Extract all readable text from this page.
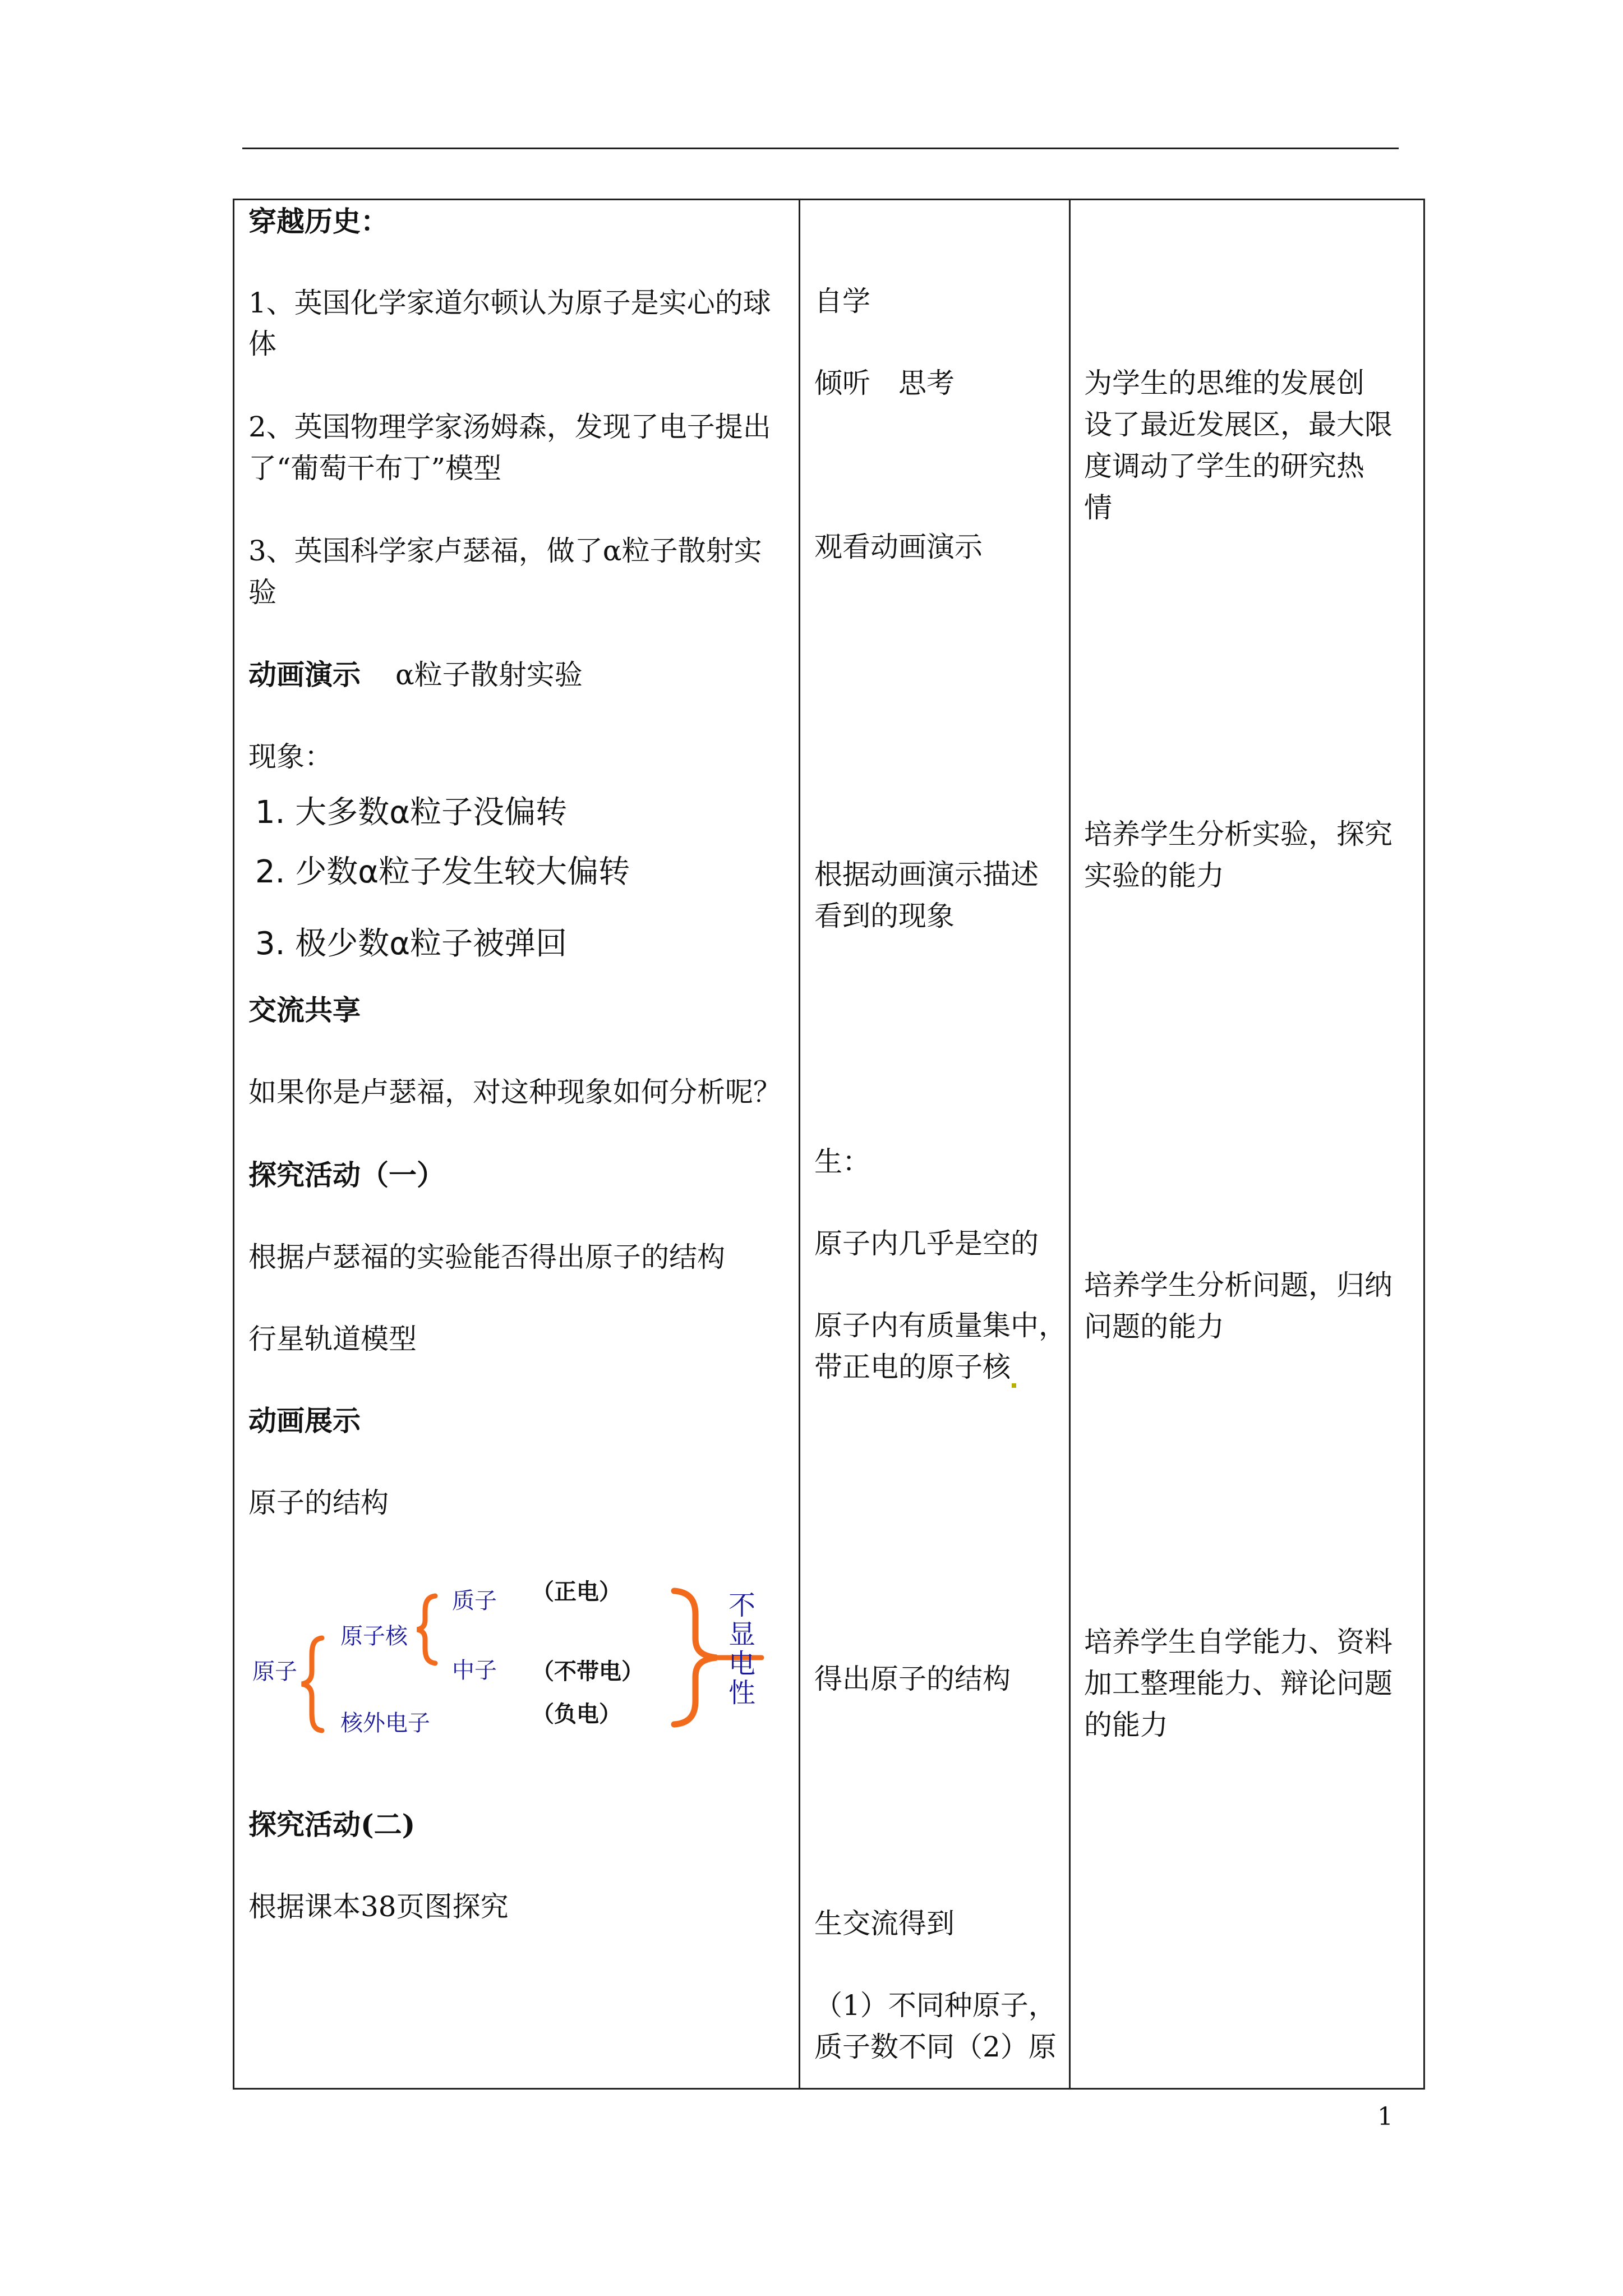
穿越历史：
1、英国化学家道尔顿认为原子是实心的球
体
2、英国物理学家汤姆森，发现了电子提出
了“葡萄干布丁”模型
3、英国科学家卢瑟福，做了α粒子散射实
验
动画演示 α粒子散射实验
现象：
1. 大多数α粒子没偏转
2. 少数α粒子发生较大偏转
3. 极少数α粒子被弹回
交流共享
如果你是卢瑟福，对这种现象如何分析呢？
探究活动（一）
根据卢瑟福的实验能否得出原子的结构
行星轨道模型
动画展示
原子的结构
原子
原子核
核外电子
质子
中子
（正电）
（不带电）
（负电）
不
显
电
性
探究活动(二)
根据课本38页图探究
自学
倾听　思考
观看动画演示
根据动画演示描述
看到的现象
生：
原子内几乎是空的
原子内有质量集中，
带正电的原子核
得出原子的结构
生交流得到
（1）不同种原子，
质子数不同（2）原
为学生的思维的发展创
设了最近发展区，最大限
度调动了学生的研究热
情
培养学生分析实验，探究
实验的能力
培养学生分析问题，归纳
问题的能力
培养学生自学能力、资料
加工整理能力、辩论问题
的能力
1
